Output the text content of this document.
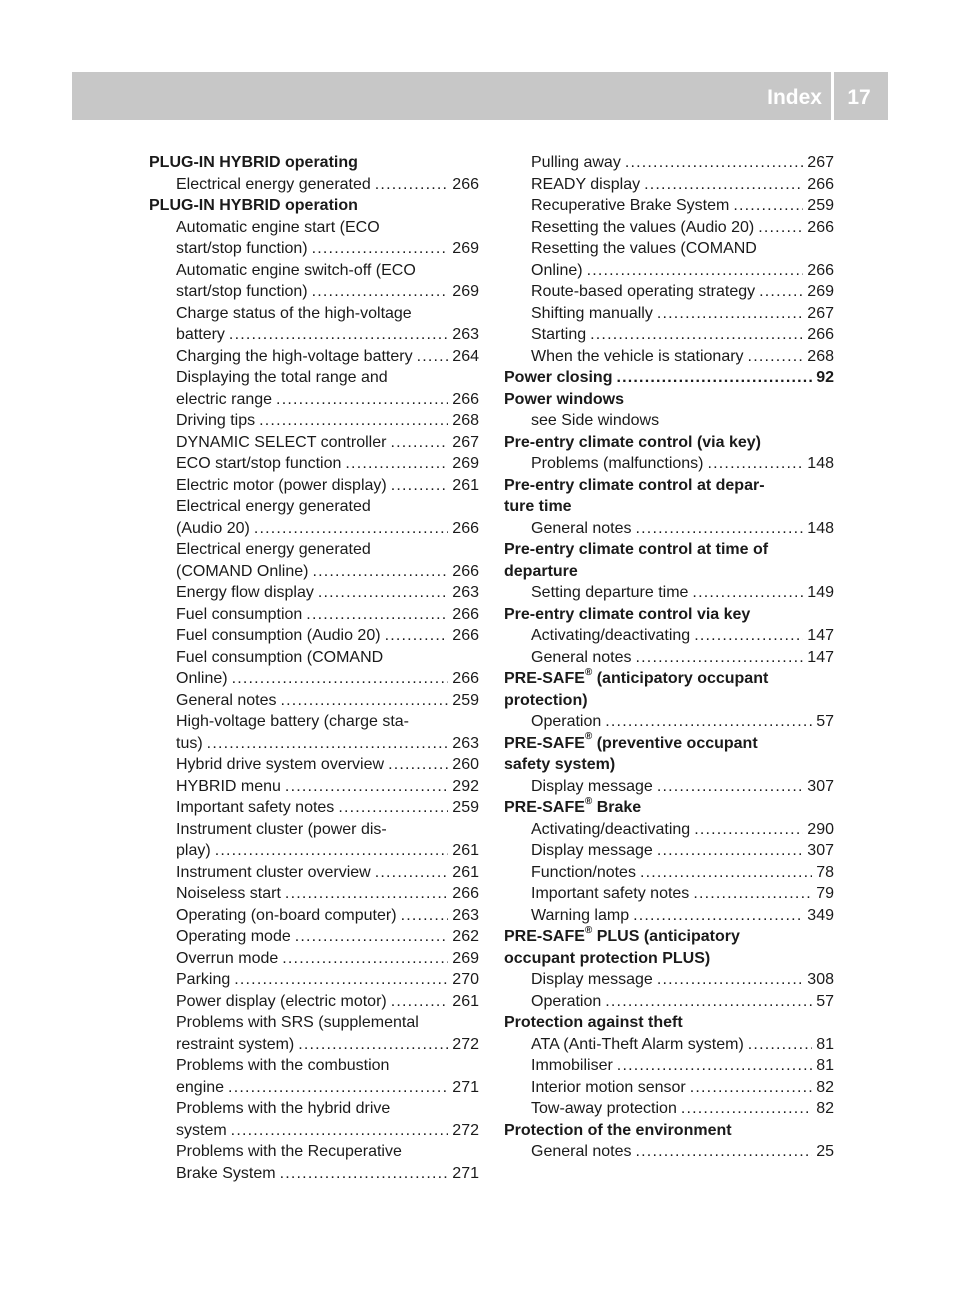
Index	17
PLUG-IN HYBRID operating
Electrical energy generated .....	266
PLUG-IN HYBRID operation
Automatic engine start (ECO
start/stop function) .....	269
Automatic engine switch-off (ECO
start/stop function) .....	269
Charge status of the high-voltage
battery .....	263
Charging the high-voltage battery ..... 264
Displaying the total range and
electric range .....	266
Driving tips .....	268
DYNAMIC SELECT controller .....	267
ECO start/stop function .....	269
Electric motor (power display) .....	261
Electrical energy generated
(Audio 20) .....	266
Electrical energy generated
(COMAND Online) .....	266
Energy flow display .....	263
Fuel consumption .....	266
Fuel consumption (Audio 20) .....	266
Fuel consumption (COMAND
Online) .....	266
General notes .....	259
High-voltage battery (charge sta-
tus) .....	263
Hybrid drive system overview .....	260
HYBRID menu .....	292
Important safety notes .....	259
Instrument cluster (power dis-
play) .....	261
Instrument cluster overview .....	261
Noiseless start .....	266
Operating (on-board computer) .....	263
Operating mode .....	262
Overrun mode .....	269
Parking .....	270
Power display (electric motor) .....	261
Problems with SRS (supplemental
restraint system) .....	272
Problems with the combustion
engine .....	271
Problems with the hybrid drive
system .....	272
Problems with the Recuperative
Brake System .....	271
Pulling away .....	267
READY display .....	266
Recuperative Brake System .....	259
Resetting the values (Audio 20) .....	266
Resetting the values (COMAND
Online) .....	266
Route-based operating strategy .....	269
Shifting manually .....	267
Starting .....	266
When the vehicle is stationary .....	268
Power closing .....	92
Power windows
see Side windows
Pre-entry climate control (via key)
Problems (malfunctions) .....	148
Pre-entry climate control at depar-
ture time
General notes .....	148
Pre-entry climate control at time of
departure
Setting departure time .....	149
Pre-entry climate control via key
Activating/deactivating .....	147
General notes .....	147
PRE-SAFE® (anticipatory occupant
protection)
Operation .....	57
PRE-SAFE® (preventive occupant
safety system)
Display message .....	307
PRE-SAFE® Brake
Activating/deactivating .....	290
Display message .....	307
Function/notes .....	78
Important safety notes .....	79
Warning lamp .....	349
PRE-SAFE® PLUS (anticipatory
occupant protection PLUS)
Display message .....	308
Operation .....	57
Protection against theft
ATA (Anti-Theft Alarm system) .....	81
Immobiliser .....	81
Interior motion sensor .....	82
Tow-away protection .....	82
Protection of the environment
General notes .....	25
